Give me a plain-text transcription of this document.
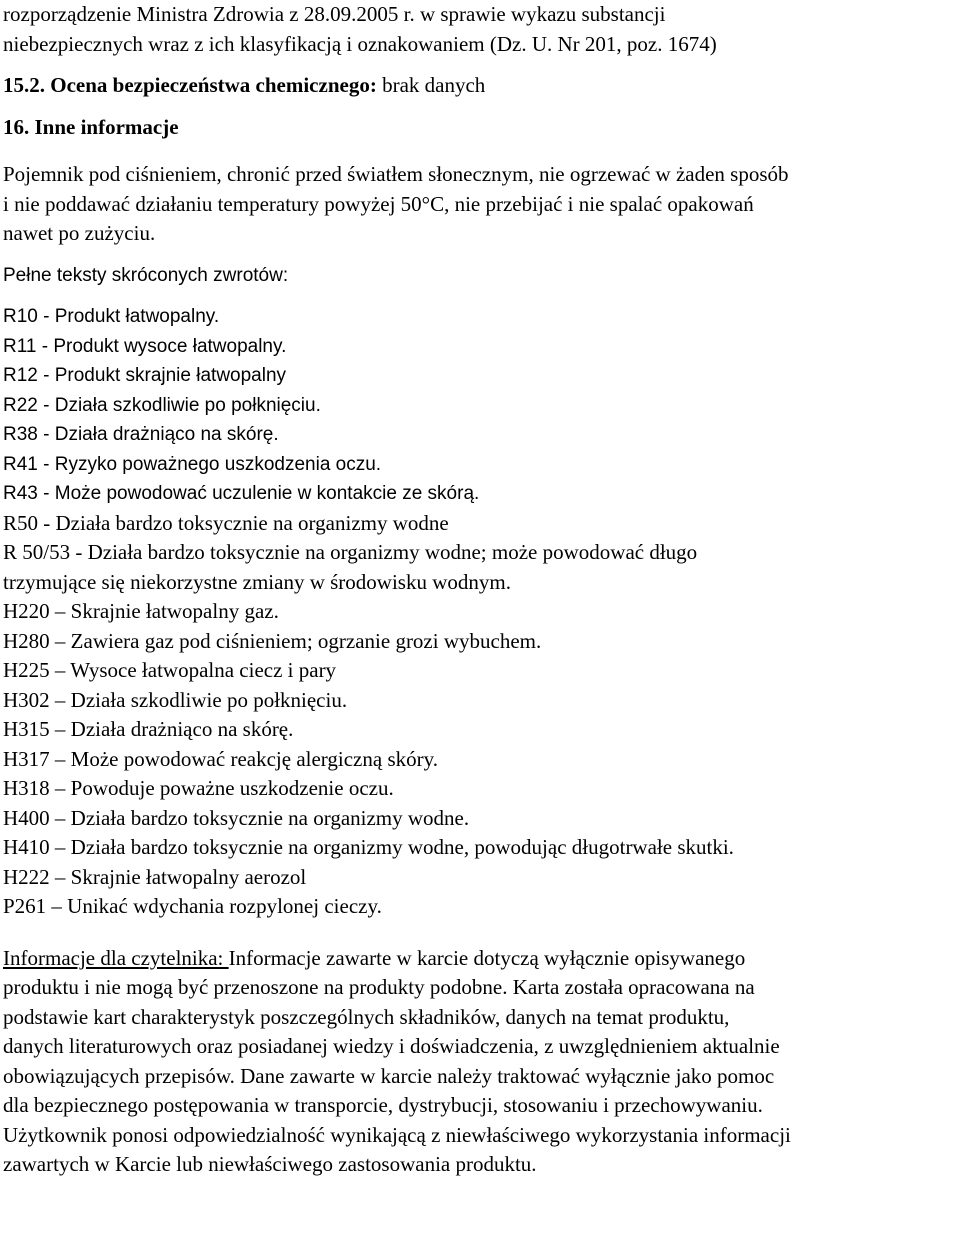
rozporządzenie Ministra Zdrowia z 28.09.2005 r. w sprawie wykazu substancji
niebezpiecznych wraz z ich klasyfikacją i oznakowaniem (Dz. U. Nr 201, poz. 1674)
15.2. Ocena bezpieczeństwa chemicznego: brak danych
16. Inne informacje
Pojemnik pod ciśnieniem, chronić przed światłem słonecznym, nie ogrzewać w żaden sposób
i nie poddawać działaniu temperatury powyżej 50°C, nie przebijać i nie spalać opakowań
nawet po zużyciu.
Pełne teksty skróconych zwrotów:
R10 - Produkt łatwopalny.
R11 - Produkt wysoce łatwopalny.
R12 - Produkt skrajnie łatwopalny
R22 - Działa szkodliwie po połknięciu.
R38 - Działa drażniąco na skórę.
R41 - Ryzyko poważnego uszkodzenia oczu.
R43 - Może powodować uczulenie w kontakcie ze skórą.
R50 - Działa bardzo toksycznie na organizmy wodne
R 50/53 - Działa bardzo toksycznie na organizmy wodne; może powodować długo
trzymujące się niekorzystne zmiany w środowisku wodnym.
H220 – Skrajnie łatwopalny gaz.
H280 – Zawiera gaz pod ciśnieniem; ogrzanie grozi wybuchem.
H225 – Wysoce łatwopalna ciecz i pary
H302 – Działa szkodliwie po połknięciu.
H315 – Działa drażniąco na skórę.
H317 – Może powodować reakcję alergiczną skóry.
H318 – Powoduje poważne uszkodzenie oczu.
H400 – Działa bardzo toksycznie na organizmy wodne.
H410 – Działa bardzo toksycznie na organizmy wodne, powodując długotrwałe skutki.
H222 – Skrajnie łatwopalny aerozol
P261 – Unikać wdychania rozpylonej cieczy.
Informacje dla czytelnika: Informacje zawarte w karcie dotyczą wyłącznie opisywanego
produktu i nie mogą być przenoszone na produkty podobne. Karta została opracowana na
podstawie kart charakterystyk poszczególnych składników, danych na temat produktu,
danych literaturowych oraz posiadanej wiedzy i doświadczenia, z uwzględnieniem aktualnie
obowiązujących przepisów. Dane zawarte w karcie należy traktować wyłącznie jako pomoc
dla bezpiecznego postępowania w transporcie, dystrybucji, stosowaniu i przechowywaniu.
Użytkownik ponosi odpowiedzialność wynikającą z niewłaściwego wykorzystania informacji
zawartych w Karcie lub niewłaściwego zastosowania produktu.
